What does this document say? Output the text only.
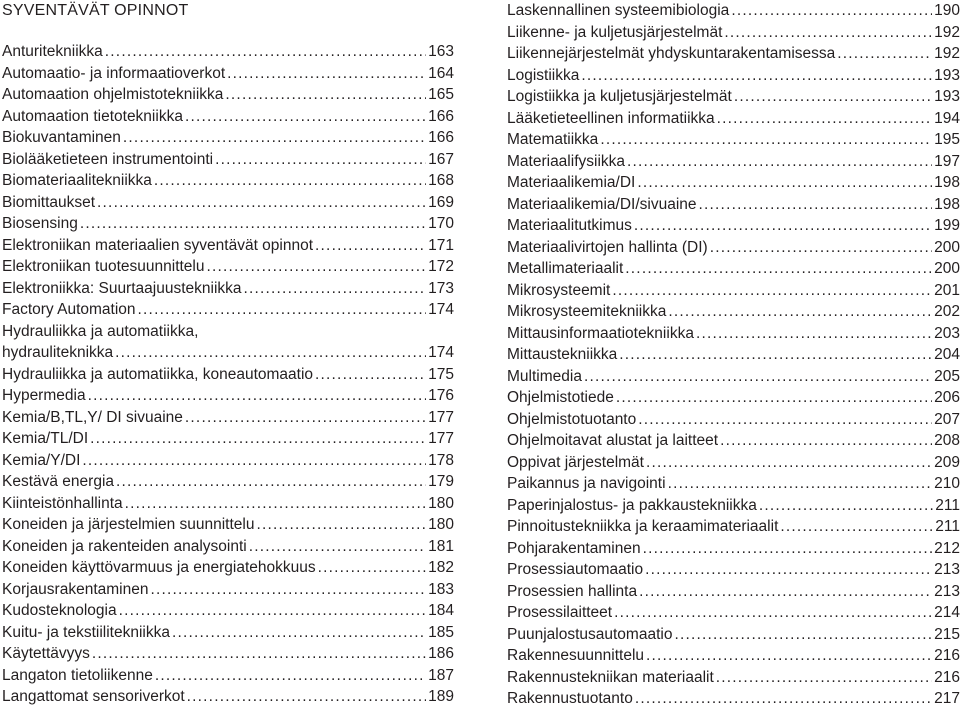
SYVENTÄVÄT OPINNOT
Anturitekniikka .....	163
Automaatio- ja informaatioverkot .....	164
Automaation ohjelmistotekniikka .....	165
Automaation tietotekniikka .....	166
Biokuvantaminen .....	166
Biolääketieteen instrumentointi .....	167
Biomateriaalitekniikka .....	168
Biomittaukset .....	169
Biosensing .....	170
Elektroniikan materiaalien syventävät opinnot .....	171
Elektroniikan tuotesuunnittelu .....	172
Elektroniikka: Suurtaajuustekniikka .....	173
Factory Automation .....	174
Hydrauliikka ja automatiikka,
hydrauliteknikka .....	174
Hydrauliikka ja automatiikka, koneautomaatio .....	175
Hypermedia .....	176
Kemia/B,TL,Y/ DI sivuaine .....	177
Kemia/TL/DI .....	177
Kemia/Y/DI .....	178
Kestävä energia .....	179
Kiinteistönhallinta .....	180
Koneiden ja järjestelmien suunnittelu .....	180
Koneiden ja rakenteiden analysointi .....	181
Koneiden käyttövarmuus ja energiatehokkuus .....	182
Korjausrakentaminen .....	183
Kudosteknologia .....	184
Kuitu- ja tekstiilitekniikka .....	185
Käytettävyys .....	186
Langaton tietoliikenne .....	187
Langattomat sensoriverkot .....	189
Laskennallinen systeemibiologia .....	190
Liikenne- ja kuljetusjärjestelmät .....	192
Liikennejärjestelmät yhdyskuntarakentamisessa .....	192
Logistiikka .....	193
Logistiikka ja kuljetusjärjestelmät .....	193
Lääketieteellinen informatiikka .....	194
Matematiikka .....	195
Materiaalifysiikka .....	197
Materiaalikemia/DI .....	198
Materiaalikemia/DI/sivuaine .....	198
Materiaalitutkimus .....	199
Materiaalivirtojen hallinta (DI) .....	200
Metallimateriaalit .....	200
Mikrosysteemit .....	201
Mikrosysteemitekniikka .....	202
Mittausinformaatiotekniikka .....	203
Mittaustekniikka .....	204
Multimedia .....	205
Ohjelmistotiede .....	206
Ohjelmistotuotanto .....	207
Ohjelmoitavat alustat ja laitteet .....	208
Oppivat järjestelmät .....	209
Paikannus ja navigointi .....	210
Paperinjalostus- ja pakkaustekniikka .....	211
Pinnoitustekniikka ja keraamimateriaalit .....	211
Pohjarakentaminen .....	212
Prosessiautomaatio .....	213
Prosessien hallinta .....	213
Prosessilaitteet .....	214
Puunjalostusautomaatio .....	215
Rakennesuunnittelu .....	216
Rakennustekniikan materiaalit .....	216
Rakennustuotanto .....	217
